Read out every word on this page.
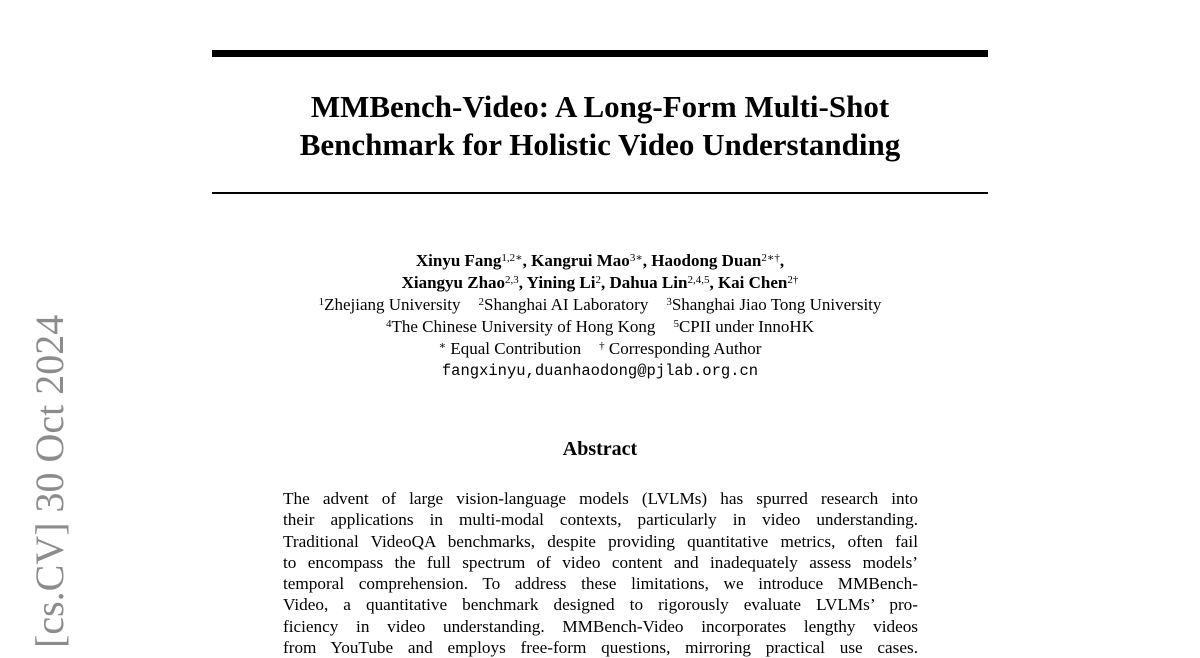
MMBench-Video: A Long-Form Multi-Shot
Benchmark for Holistic Video Understanding
Xinyu Fang$^{1,2∗}$, Kangrui Mao$^{3∗}$, Haodong Duan$^{2∗\dagger}$,
Xiangyu Zhao$^{2,3}$, Yining Li$^2$, Dahua Lin$^{2,4,5}$, Kai Chen$^{2\dagger}$
$^1$Zhejiang University $^2$Shanghai AI Laboratory $^3$Shanghai Jiao Tong University
$^4$The Chinese University of Hong Kong $^5$CPII under InnoHK
∗ Equal Contribution † Corresponding Author
fangxinyu,duanhaodong@pjlab.org.cn
Abstract
The advent of large vision-language models (LVLMs) has spurred research into
their applications in multi-modal contexts, particularly in video understanding.
Traditional VideoQA benchmarks, despite providing quantitative metrics, often fail
to encompass the full spectrum of video content and inadequately assess models’
temporal comprehension. To address these limitations, we introduce MMBench-
Video, a quantitative benchmark designed to rigorously evaluate LVLMs’ pro-
ficiency in video understanding. MMBench-Video incorporates lengthy videos
from YouTube and employs free-form questions, mirroring practical use cases.
[cs.CV] 30 Oct 2024
